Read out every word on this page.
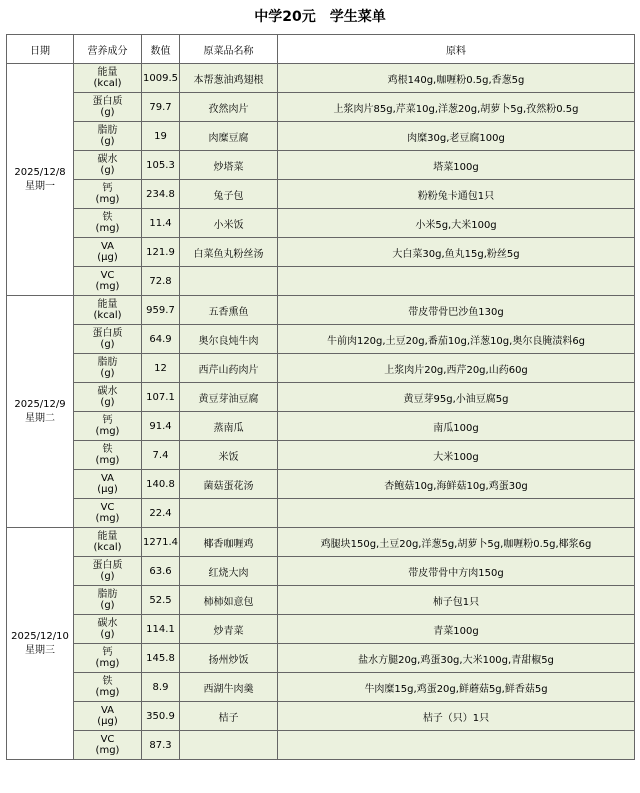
中学20元　学生菜单
日期	营养成分	数值	原菜品名称	原料

2025/12/8
星期一	能量
(kcal)	1009.5	本帮葱油鸡翅根	鸡根140g,咖喱粉0.5g,香葱5g

	蛋白质
(g)	79.7	孜然肉片	上浆肉片85g,芹菜10g,洋葱20g,胡萝卜5g,孜然粉0.5g

	脂肪
(g)	19	肉糜豆腐	肉糜30g,老豆腐100g

	碳水
(g)	105.3	炒塔菜	塔菜100g

	钙
(mg)	234.8	兔子包	粉粉兔卡通包1只

	铁
(mg)	11.4	小米饭	小米5g,大米100g

	VA
(μg)	121.9	白菜鱼丸粉丝汤	大白菜30g,鱼丸15g,粉丝5g

	VC
(mg)	72.8		

2025/12/9
星期二	能量
(kcal)	959.7	五香熏鱼	带皮带骨巴沙鱼130g

	蛋白质
(g)	64.9	奥尔良炖牛肉	牛前肉120g,土豆20g,番茄10g,洋葱10g,奥尔良腌渍料6g

	脂肪
(g)	12	西芹山药肉片	上浆肉片20g,西芹20g,山药60g

	碳水
(g)	107.1	黄豆芽油豆腐	黄豆芽95g,小油豆腐5g

	钙
(mg)	91.4	蒸南瓜	南瓜100g

	铁
(mg)	7.4	米饭	大米100g

	VA
(μg)	140.8	菌菇蛋花汤	杏鲍菇10g,海鲜菇10g,鸡蛋30g

	VC
(mg)	22.4		

2025/12/10
星期三	能量
(kcal)	1271.4	椰香咖喱鸡	鸡腿块150g,土豆20g,洋葱5g,胡萝卜5g,咖喱粉0.5g,椰浆6g

	蛋白质
(g)	63.6	红烧大肉	带皮带骨中方肉150g

	脂肪
(g)	52.5	柿柿如意包	柿子包1只

	碳水
(g)	114.1	炒青菜	青菜100g

	钙
(mg)	145.8	扬州炒饭	盐水方腿20g,鸡蛋30g,大米100g,青甜椒5g

	铁
(mg)	8.9	西湖牛肉羹	牛肉糜15g,鸡蛋20g,鲜蘑菇5g,鲜香菇5g

	VA
(μg)	350.9	桔子	桔子（只）1只

	VC
(mg)	87.3		
